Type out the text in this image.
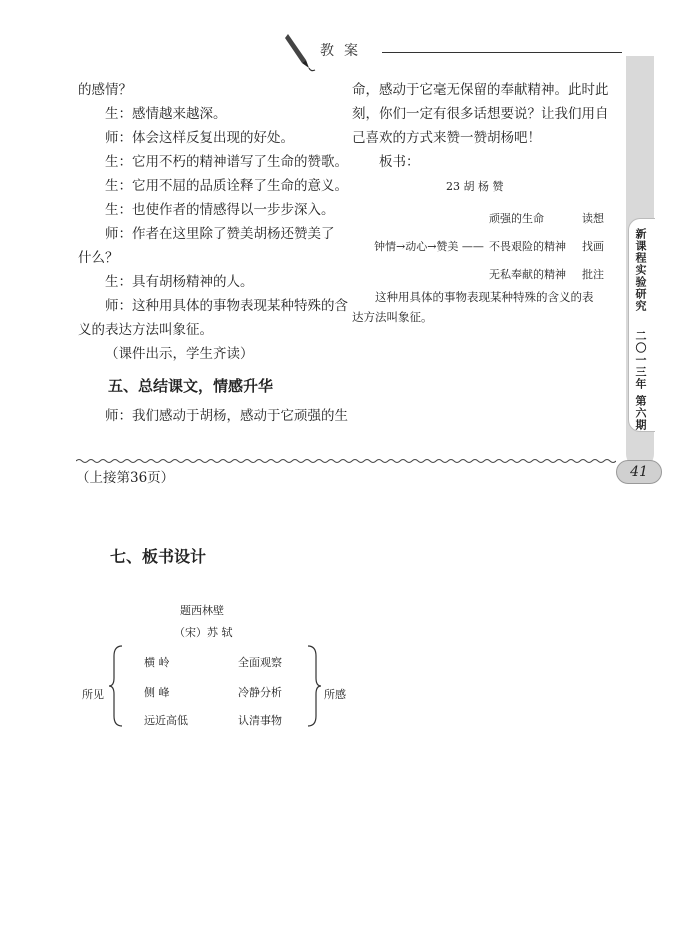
教案
新课程实验研究
二〇一三年 第六期
41
的感情？
生：感情越来越深。
师：体会这样反复出现的好处。
生：它用不朽的精神谱写了生命的赞歌。
生：它用不屈的品质诠释了生命的意义。
生：也使作者的情感得以一步步深入。
师：作者在这里除了赞美胡杨还赞美了
什么？
生：具有胡杨精神的人。
师：这种用具体的事物表现某种特殊的含
义的表达方法叫象征。
（课件出示，学生齐读）
五、总结课文，情感升华
师：我们感动于胡杨，感动于它顽强的生
命，感动于它毫无保留的奉献精神。此时此
刻，你们一定有很多话想要说？让我们用自
己喜欢的方式来赞一赞胡杨吧！
板书：
23 胡 杨 赞
顽强的生命	读想
钟情→动心→赞美 —— 不畏艰险的精神 找画
无私奉献的精神 批注
这种用具体的事物表现某种特殊的含义的表
达方法叫象征。
（上接第36页）
七、板书设计
题西林壁
（宋）苏 轼
所见
横 岭
侧 峰
远近高低
全面观察
冷静分析
认清事物
所感
